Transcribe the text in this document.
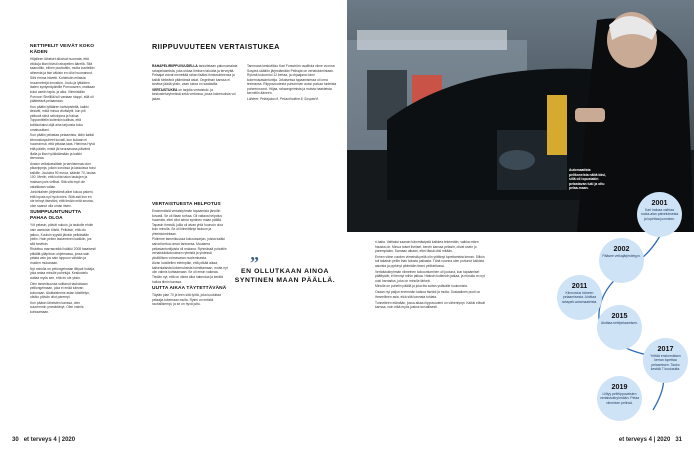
NETTIPELIT VEIVÄT KOKO KÄDEN

Hiljalleen läheiset alkoivat huomata, että viikkoja tilani tiivisti rahapelien äärellä. Sitä saanottiin, eiihen puuttuttiin, mutta kuviteltiin aiheesta ja itse väkisin en ollut huomannut.

Siihi emma hävetti. Kohtelutin erilaisia muunnelmija innostuin. Joulu-ja lyttäären lasten syntymäpäiville Porvooseen, matkaan kulut aseiin tapla- ja aika. Viimeistään Porvoon Shellillä tuli vastaan stoppi, sillä oli päätettävä pelaamaan.

Kun päätin lyttäären kahvipisteltä, kaikki tiesivät, mikä minua viivästytti, kun piti pelkuvä siinä sellutrjona ja hakua. Toppantttelin kuitenkin kallista, että kolikkokaksi olijä aina tarjousta koko omaisuuttani.

Kun päätin pelastaa pelaamista, äidin kaikki kiinnostuspuheet kuvaili, kun kukaan ei huomannut, että pelaiaa taas. Hienima Hyvä että päätin, mistä jäi seuraavana päivänä illalla ja illan hyökkäämään ja kaikki tienvaraa.

Avasin velkakassittain ja tarvitsemaa oton pikavippeja, jolloin koroissa ja laskuissa hoisi kaikille. Jouluina 90 euroa, säästin 70, laulaa 100. Meriin, että kohta talon laskujen ja maksan pois vellissi. Sitä sitä myti ole valaikkaan vallan.

Jonkinlainen järjestämä aikei kokoa pakeni, että loputa nyt hyvä mies. Siitä asti kun en ole tehnyt itsestäni, että tiedän mitä seuraa, olen saanut olla oman itseni.

SUMPPUUNTUNUTTA PAHAA OLOA

Yöt pelasin, päivät nukuin, ja taukolle ehdin vain aamuisin töistä. Pelkäsin, että olo jatkuu, Kuuluin syystä jäinkin pelkästään peliin. Hain pelien laskeminen kaikkiin, jos sitä tarvitsin.

Ristottuu marrasvelkki Isäkkö 2008 tasaisesti pitkällä-ylläpitoon ohjelmassa, jossa sain pelata vain jos sain loppuun vähään ja muiden mukanaan.

Nyt minulla on peliongelmaan liittyvä hoitaja, joka antaa minulle puheluja. Keskustelu auttaa myös sen, että en ole yksin.

Olen tammikuussa soittanut taukoisaan pelliongelmaan, joka ei enää tulevan kokonaan. Aloittaisimme asian käsittelyn, olisiko päivän ollut parempi.

Kun pääsin läheisten kanssa, olen suuremmin ymmärtänyt. Olen valmis kohtaamaan.

RIIPPUVUUTEEN VERTAISTUKEA

RAHAPELIRIIPPUVUUDELLA tarkoitetaan pakonomaista rahapelaamista, joka uhkaa ihmisen taloutta ja terveyttä. Pelaajat voivat menettää rahan lisäksi ihmissuhteensa ja kaikki tärkeänä pitämänsä asiat. Ongelman kanssa ei tarvitse jäädä yksin, vaan tukea on saatavilla.

VERTAISTUKEA on tarjolla vertaistuki- ja keskusteluryhmissä sekä verkossa, jossa kokemuksia voi jakaa.

Tammana keskiviikko Kari Forsström osallistui viime vuonna Sosped-säätiön järjestämään Pelirajat on vertaistoimintaan. Ryhmä kokoontui 12 kertaa, ja ohjaajana toimi kokemusasiantuntija. Jokaisessa tapaamisessa oli oma teemansa. Riippuvuudesta puhuminen avasi purkaa tunteista puheenvuorot. Hiljaa, rahaongelmista ja muista haasteista kerrottiin ääneen.

Lähteet: Pelirajaton.fi, Peluurihotline.fi, Sosped.fi.

VERTAISTUESTA HELPOTUS

Ensimmäisiä vertaistyhmän tapaamisia jännitin kovasti. Se oli iltaan turhaa. Oli valtava helpotus huomata, ettei ollut ainoa syntinen maan päällä. Tapasin ihmisiä, joilla oli aivan yhtä huonoin oloa kuin minulla. Se oli kiinnittänyt tauluun ja yhteistoimintaan.

Pidimme tammikuussa kokoussarjan, joissa kaikki saivat kertoa oman tarinansa. Muutama peliasiantuntijoista oli mukana. Ryhmässä puhuttiin vertaistukikokouksen rytmistä ja yhdessä yksilöllisen voimavaran nuolemisesta.

Aivan luokitellen eteenpäin, että pitkää aikaa, kaikenlaisista kokemuksista toimittamaan, mutta nyt olin valmis kohtaamaan. Se oli ensin vaikeaa. Tiedän nyt, että on oikea aika hakeutua ja kerätä hoitoa tiimin kanssa.

UUTTA AIKAA TÄYTETTÄVÄNÄ

Täytän pian 70 ja teen sitä työtä, joka kouluttaa pelaajia tukemaan muita. Rytmi on entistä rauhallisempi, ja se on hyvä juttu.

”
EN OLLUTKAAN AINOA SYNTINEN MAAN PÄÄLLÄ.
30 et terveys 4 | 2020
Automaatista pelikoneista näitä käsi, sillä oli lopustakin pelastavan tuki ja oltu pelaa-maan.

ri-takia. Valtiaksi saanan hämmästystä kaikkea tekemään, vaikka miten hauska on. Minua toiset ihmiset, kenen kanssa pelasin, olivat usein jo parempiakin. Samaan aikaan, ettei tässä olisi mitään.

Ennen viime vuoden viimeistä peliä olin yrittänyt lopettamista kerran. Silloin tuli takaisin peliin ihan tutusta paikasta. Tänä vuonna olen puhunut kaikista asioista ja pyrkinyt pitämään itseni pelikiellossa.

Vertaistukiryhmän viimeinen kokoontuminen oli jouluna, kun tapaamiset päättyivät, ei tiennyt mihin jatkaa. Halusin kuitenkin jatkaa, ja minulla on nyt uusi harrastus, joka on minulle tärkeä.

Minulla on puhelin päällä ja joka ilta soitan ystävälle kuulumisia.

Osaan nyt paljon enemmän katsoa itseäni ja muita. Sosiaalinen puoli on ihmeellinen asia, eikä sitä kannata tuhlata.

Tunnetteen elämään, jossa aikaa riippuvuuteni on vähentynyt. Kaikki elävät kanssa, voin elää myös joskus turvallisesti.

2001
Kari haluaa vaihtaa ruoka-alan palveluksesta ja lopettaa juomisen.
2002
Pääsee velkajärjestelyyn.
2011
Kiinnostus häneen pelaamisesta. Aloittaa rahapeli-automaateista.
2015
Aloittaa nettipelaamisen.
2017
Yrittää ensimmäisen kerran lopettaa pelaamisen. Tauko kestää 7 kuukautta.
2019
Liittyy peliriippuvaisten vertaistukiryhmään. Pelaa viimeisen pelinsä.
et terveys 4 | 2020 31
